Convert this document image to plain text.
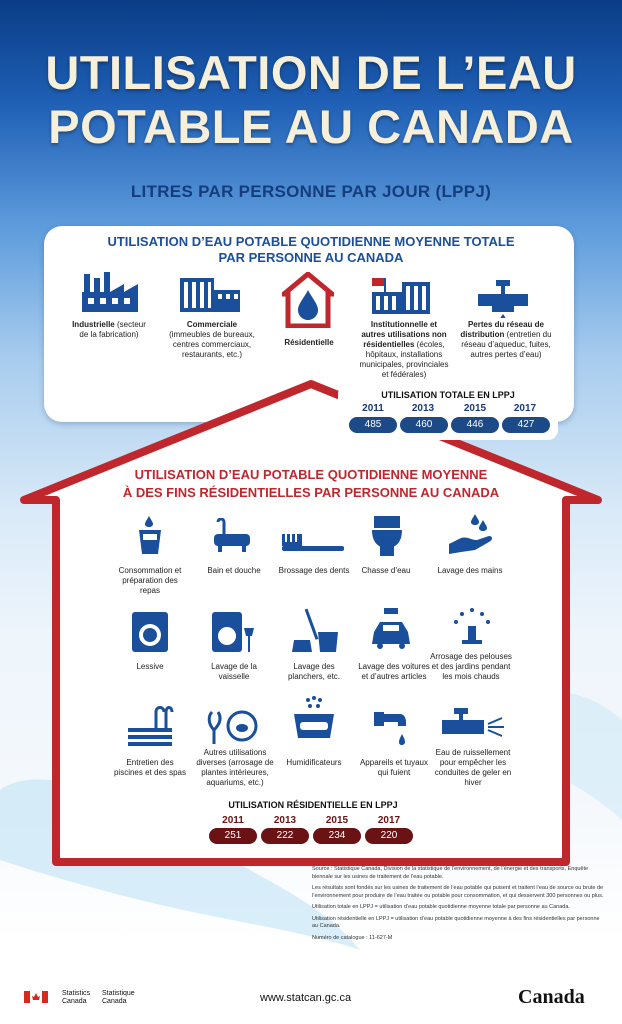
UTILISATION DE L’EAU
POTABLE AU CANADA
LITRES PAR PERSONNE PAR JOUR (LPPJ)
UTILISATION D’EAU POTABLE QUOTIDIENNE MOYENNE TOTALE
PAR PERSONNE AU CANADA
Industrielle (secteur de la fabrication)
Commerciale (immeubles de bureaux, centres commerciaux, restaurants, etc.)
Résidentielle
Institutionnelle et autres utilisations non résidentielles (écoles, hôpitaux, installations municipales, provinciales et fédérales)
Pertes du réseau de distribution (entretien du réseau d’aqueduc, fuites, autres pertes d’eau)
UTILISATION TOTALE EN LPPJ
2011	2013	2015	2017
485	460	446	427
UTILISATION D’EAU POTABLE QUOTIDIENNE MOYENNE
À DES FINS RÉSIDENTIELLES PAR PERSONNE AU CANADA
Consommation et préparation des repas
Bain et douche	Brossage des dents	Chasse d’eau	Lavage des mains
Lessive	Lavage de la vaisselle
Lavage des planchers, etc.
Lavage des voitures et d’autres articles
Arrosage des pelouses et des jardins pendant les mois chauds
Entretien des piscines et des spas
Autres utilisations diverses (arrosage de plantes intérieures, aquariums, etc.)
Humidificateurs	Appareils et tuyaux qui fuient
Eau de ruissellement pour empêcher les conduites de geler en hiver
UTILISATION RÉSIDENTIELLE EN LPPJ
2011	2013	2015	2017
251	222	234	220

Source : Statistique Canada, Division de la statistique de l’environnement, de l’énergie et des transports, Enquête biennale sur les usines de traitement de l’eau potable.

Les résultats sont fondés sur les usines de traitement de l’eau potable qui puisent et traitent l’eau de source ou brute de l’environnement pour produire de l’eau traitée ou potable pour consommation, et qui desservent 300 personnes ou plus.

Utilisation totale en LPPJ = utilisation d’eau potable quotidienne moyenne totale par personne au Canada.

Utilisation résidentielle en LPPJ = utilisation d’eau potable quotidienne moyenne à des fins résidentielles par personne au Canada.

Numéro de catalogue : 11-627-M

Statistics
Canada
Statistique
Canada	www.statcan.gc.ca	Canada
